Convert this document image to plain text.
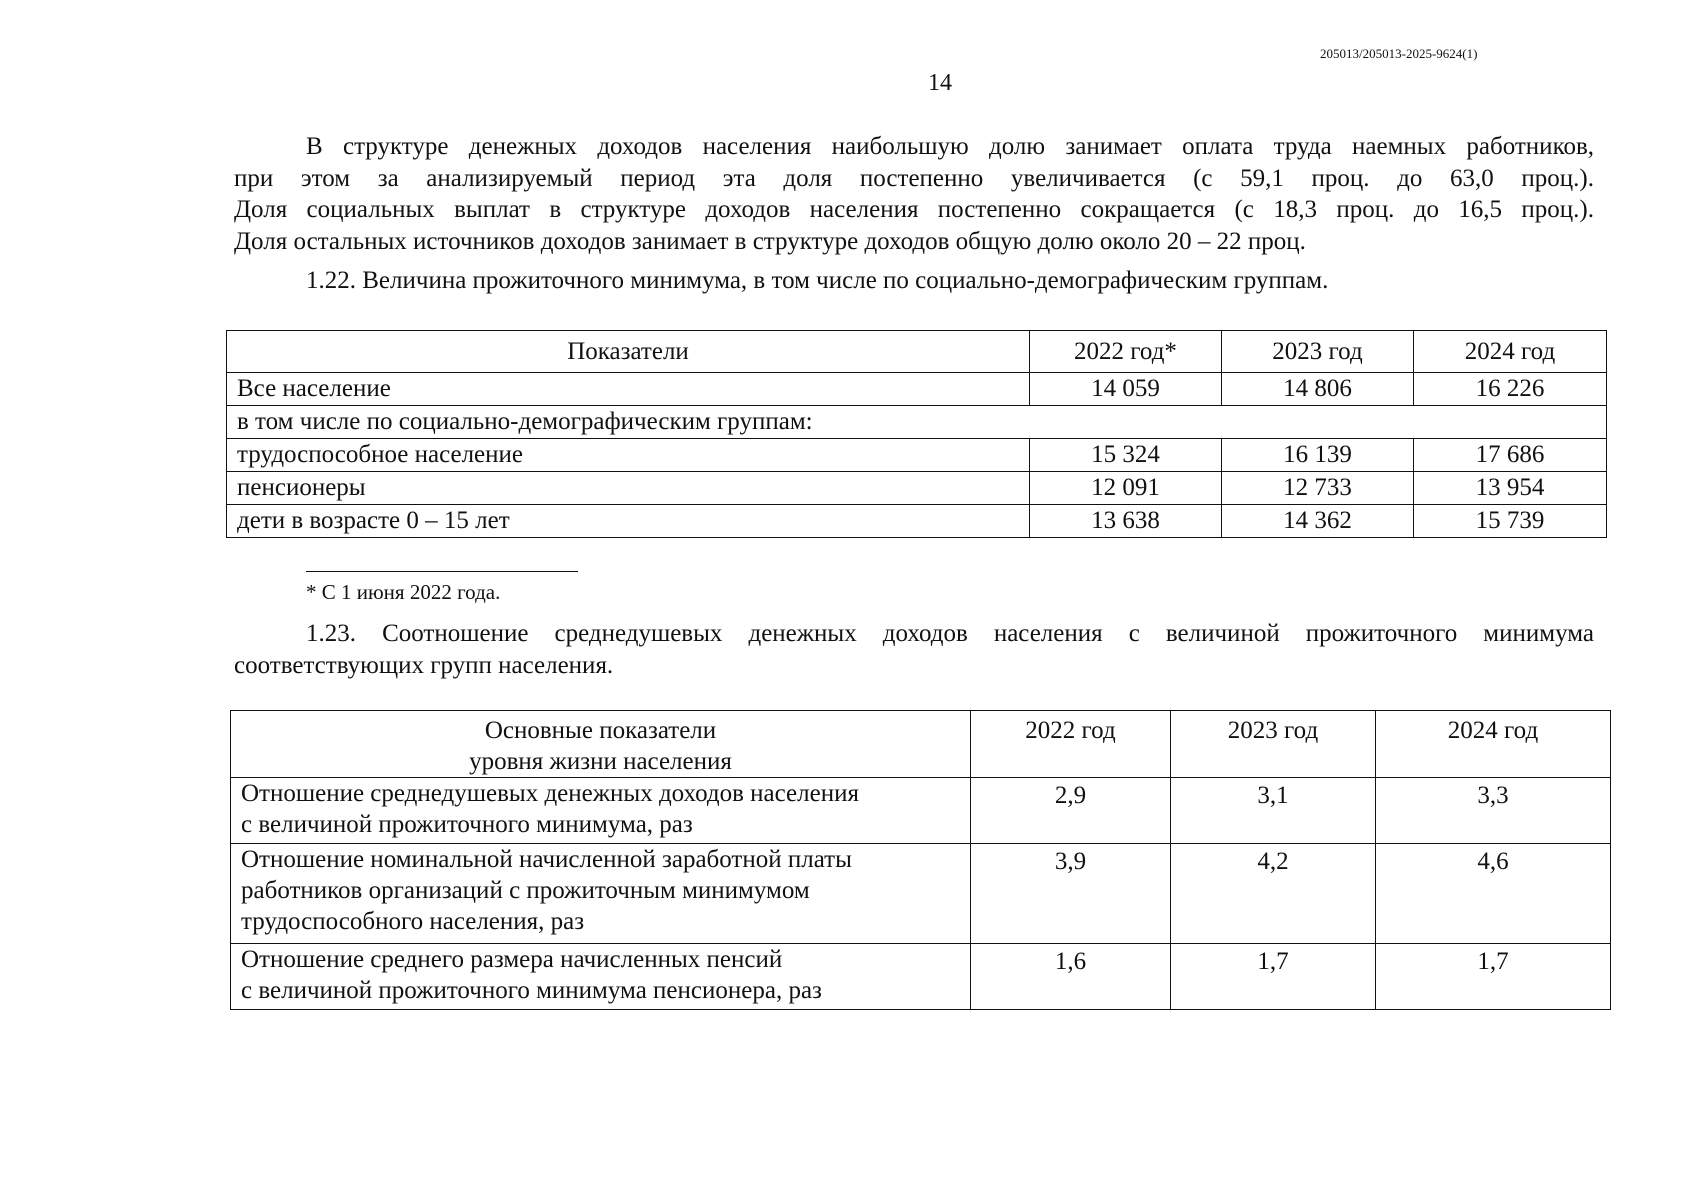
205013/205013-2025-9624(1)
14
В структуре денежных доходов населения наибольшую долю занимает оплата труда наемных работников,
при этом за анализируемый период эта доля постепенно увеличивается (с 59,1 проц. до 63,0 проц.).
Доля социальных выплат в структуре доходов населения постепенно сокращается (с 18,3 проц. до 16,5 проц.).
Доля остальных источников доходов занимает в структуре доходов общую долю около 20 – 22 проц.
1.22. Величина прожиточного минимума, в том числе по социально-демографическим группам.
Показатели	2022 год*	2023 год	2024 год
Все население	14 059	14 806	16 226
в том числе по социально-демографическим группам:			
трудоспособное население	15 324	16 139	17 686
пенсионеры	12 091	12 733	13 954
дети в возрасте 0 – 15 лет	13 638	14 362	15 739
* С 1 июня 2022 года.
1.23. Соотношение среднедушевых денежных доходов населения с величиной прожиточного минимума
соответствующих групп населения.
Основные показатели
уровня жизни населения	2022 год	2023 год	2024 год

Отношение среднедушевых денежных доходов населения
с величиной прожиточного минимума, раз	2,9	3,1	3,3

Отношение номинальной начисленной заработной платы
работников организаций с прожиточным минимумом
трудоспособного населения, раз	3,9	4,2	4,6

Отношение среднего размера начисленных пенсий
с величиной прожиточного минимума пенсионера, раз	1,6	1,7	1,7
